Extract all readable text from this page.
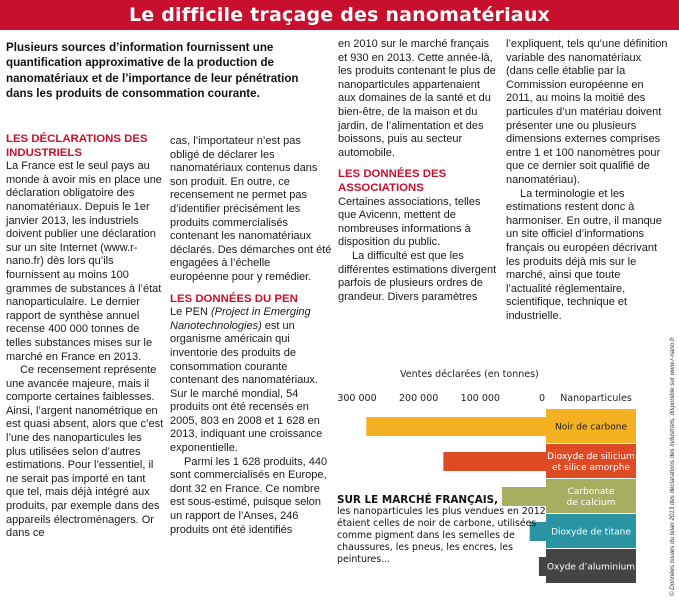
Le difficile traçage des nanomatériaux
Plusieurs sources d’information fournissent une quantification approximative de la production de nanomatériaux et de l’importance de leur pénétration dans les produits de consommation courante.

LES DÉCLARATIONS DES INDUSTRIELS

La France est le seul pays au monde à avoir mis en place une déclaration obligatoire des nanomatériaux. Depuis le 1er janvier 2013, les industriels doivent publier une déclaration sur un site Internet (www.r-nano.fr) dès lors qu’ils fournissent au moins 100 grammes de substances à l’état nanoparticulaire. Le dernier rapport de synthèse annuel recense 400 000 tonnes de telles substances mises sur le marché en France en 2013.

Ce recensement représente une avancée majeure, mais il comporte certaines faiblesses. Ainsi, l’argent nanométrique en est quasi absent, alors que c’est l’une des nanoparticules les plus utilisées selon d’autres estimations. Pour l’essentiel, il ne serait pas importé en tant que tel, mais déjà intégré aux produits, par exemple dans des appareils électroménagers. Or dans ce

cas, l’importateur n’est pas obligé de déclarer les nanomatériaux contenus dans son produit. En outre, ce recensement ne permet pas d’identifier précisément les produits commercialisés contenant les nanomatériaux déclarés. Des démarches ont été engagées à l’échelle européenne pour y remédier.

LES DONNÉES DU PEN

Le PEN (Project in Emerging Nanotechnologies) est un organisme américain qui inventorie des produits de consommation courante contenant des nanomatériaux. Sur le marché mondial, 54 produits ont été recensés en 2005, 803 en 2008 et 1 628 en 2013, indiquant une croissance exponentielle.

Parmi les 1 628 produits, 440 sont commercialisés en Europe, dont 32 en France. Ce nombre est sous-estimé, puisque selon un rapport de l’Anses, 246 produits ont été identifiés

en 2010 sur le marché français et 930 en 2013. Cette année-là, les produits contenant le plus de nanoparticules appartenaient aux domaines de la santé et du bien-être, de la maison et du jardin, de l’alimentation et des boissons, puis au secteur automobile.

LES DONNÉES DES ASSOCIATIONS

Certaines associations, telles que Avicenn, mettent de nombreuses informations à disposition du public.

La difficulté est que les différentes estimations divergent parfois de plusieurs ordres de grandeur. Divers paramètres

l’expliquent, tels qu’une définition variable des nanomatériaux (dans celle établie par la Commission européenne en 2011, au moins la moitié des particules d’un matériau doivent présenter une ou plusieurs dimensions externes comprises entre 1 et 100 nanomètres pour que ce dernier soit qualifié de nanomatériau).

La terminologie et les estimations restent donc à harmoniser. En outre, il manque un site officiel d’informations français ou européen décrivant les produits déjà mis sur le marché, ainsi que toute l’actualité réglementaire, scientifique, technique et industrielle.

© Données issues du bilan 2013 des déclarations des industriels, disponible sur www.r-nano.fr
Ventes déclarées (en tonnes)
Nanoparticules
300 000 200 000 100 000	0
Noir de carbone
Dioxyde de silicium
et silice amorphe
Carbonate
de calcium
Dioxyde de titane
Oxyde d’aluminium
SUR LE MARCHÉ FRANÇAIS,
les nanoparticules les plus vendues en 2012 étaient celles de noir de carbone, utilisées comme pigment dans les semelles de chaussures, les pneus, les encres, les peintures...
